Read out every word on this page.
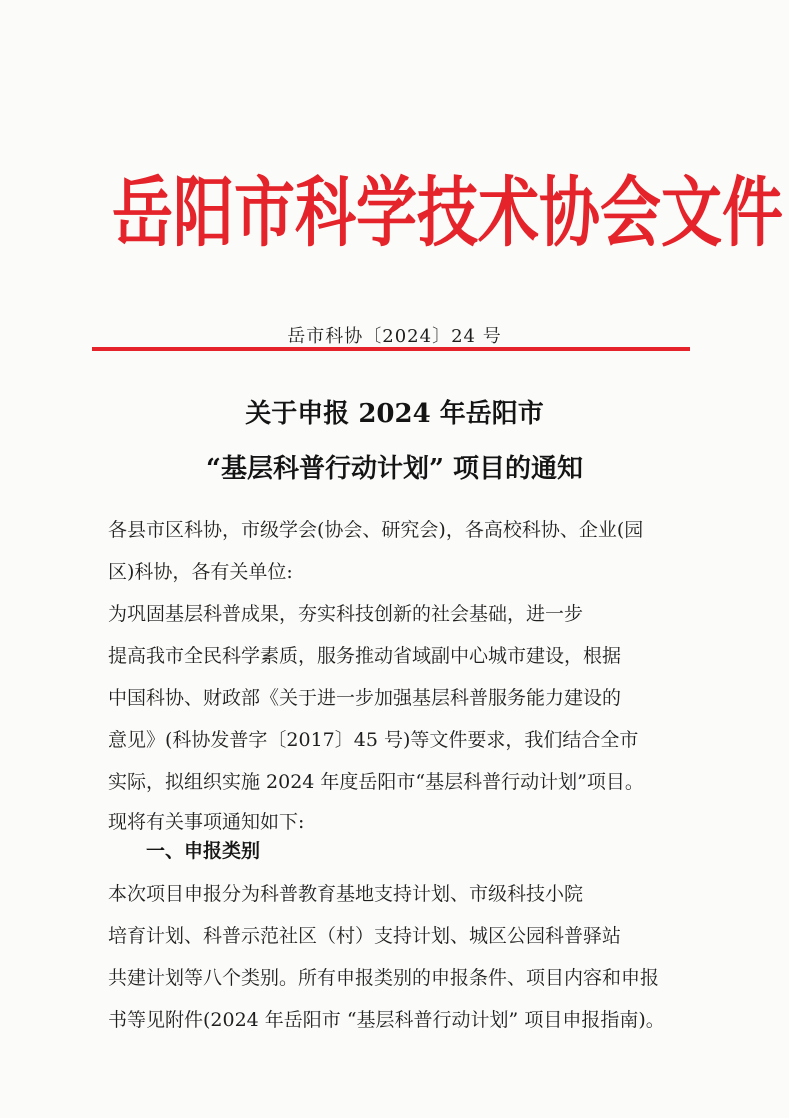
岳阳市科学技术协会文件
岳市科协〔2024〕24 号
关于申报 2024 年岳阳市
“基层科普行动计划” 项目的通知
各县市区科协，市级学会(协会、研究会)，各高校科协、企业(园
区)科协，各有关单位:
为巩固基层科普成果，夯实科技创新的社会基础，进一步
提高我市全民科学素质，服务推动省域副中心城市建设，根据
中国科协、财政部《关于进一步加强基层科普服务能力建设的
意见》(科协发普字〔2017〕45 号)等文件要求，我们结合全市
实际，拟组织实施 2024 年度岳阳市“基层科普行动计划”项目。
现将有关事项通知如下:
一、申报类别
本次项目申报分为科普教育基地支持计划、市级科技小院
培育计划、科普示范社区（村）支持计划、城区公园科普驿站
共建计划等八个类别。所有申报类别的申报条件、项目内容和申报
书等见附件(2024 年岳阳市 “基层科普行动计划” 项目申报指南)。
